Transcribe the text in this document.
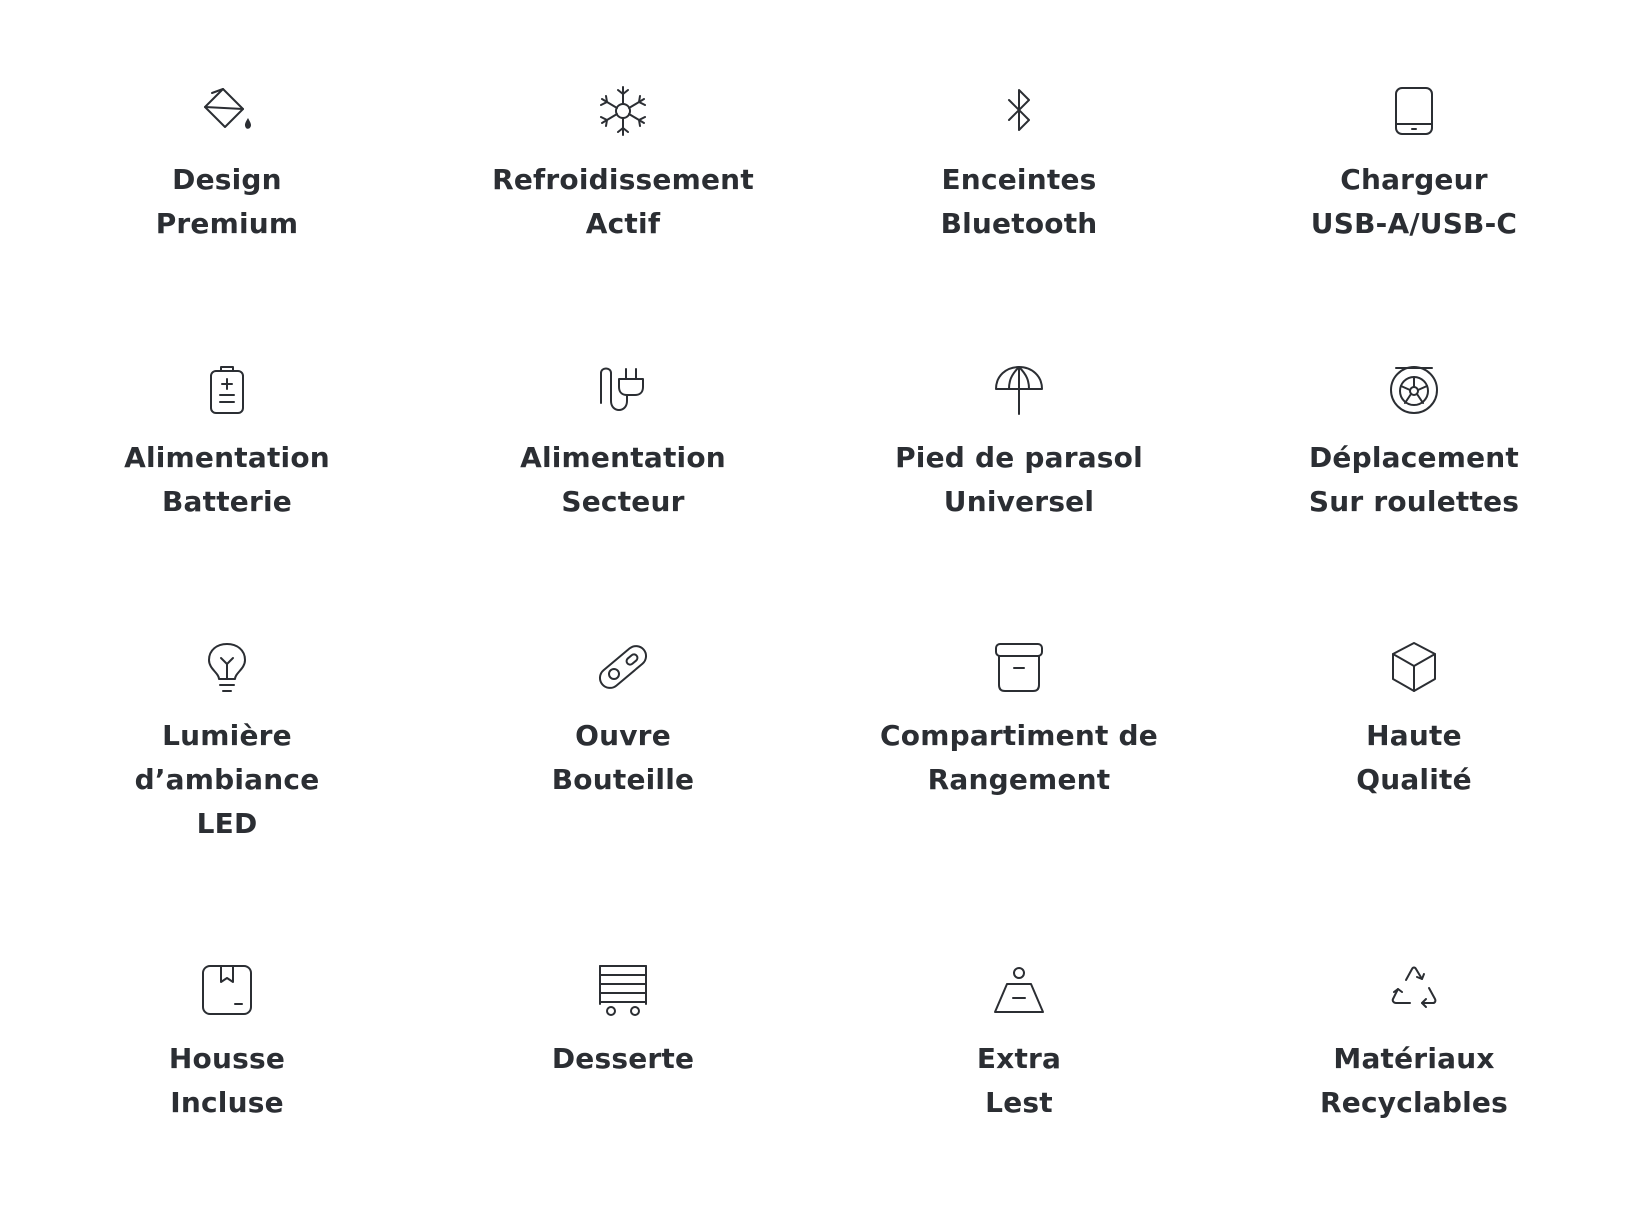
Design
Premium
Refroidissement
Actif
Enceintes
Bluetooth
Chargeur
USB-A/USB-C
Alimentation
Batterie
Alimentation
Secteur
Pied de parasol
Universel
Déplacement
Sur roulettes
Lumière
d’ambiance
LED
Ouvre
Bouteille
Compartiment de
Rangement
Haute
Qualité
Housse
Incluse
Desserte	Extra
Lest
Matériaux
Recyclables
